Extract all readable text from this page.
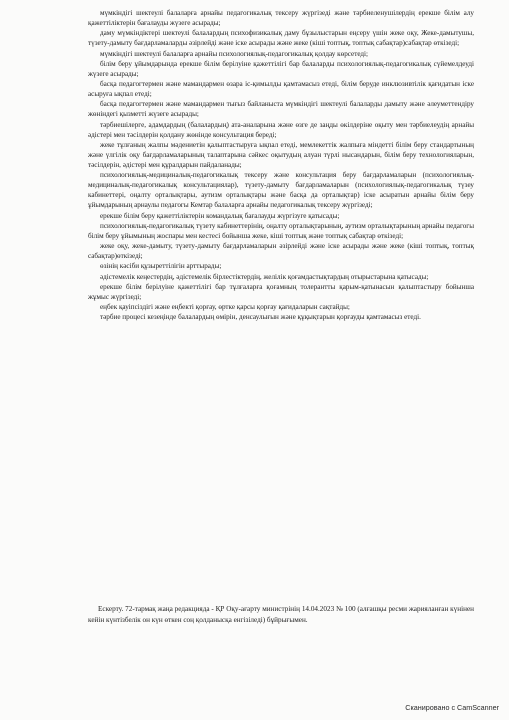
мүмкіндігі шектеулі балаларға арнайы педагогикалық тексеру жүргізеді және тәрбиеленушілердің ерекше білім алу қажеттіліктерін бағалауды жүзеге асырады;

даму мүмкіндіктері шектеулі балалардың психофизикалық даму бұзылыстарын еңсеру үшін жеке оқу, Жеке-дамытушы, түзету-дамыту бағдарламаларды әзірлейді және іске асырады және жеке (кіші топтық, топтық сабақтар)сабақтар өткізеді;

мүмкіндігі шектеулі балаларға арнайы психологиялық-педагогикалық қолдау көрсетеді;

білім беру ұйымдарында ерекше білім берілуіне қажеттілігі бар балаларды психологиялық-педагогикалық сүйемелдеуді жүзеге асырады;

басқа педагогтермен және мамандармен өзара іс-қимылды қамтамасыз етеді, білім беруде инклюзивтілік қағидатын іске асыруға ықпал етеді;

басқа педагогтермен және мамандармен тығыз байланыста мүмкіндігі шектеулі балаларды дамыту және әлеуметтендіру жөніндегі қызметті жүзеге асырады;

тәрбиешілерге, адамдардың (балалардың) ата-аналарына және өзге де заңды өкілдеріне оқыту мен тәрбиелеудің арнайы әдістері мен тәсілдерін қолдану жөнінде консультация береді;

жеке тұлғаның жалпы мәдениетін қалыптастыруға ықпал етеді, мемлекеттік жалпыға міндетті білім беру стандартының және үлгілік оқу бағдарламаларының талаптарына сәйкес оқытудың алуан түрлі нысандарын, білім беру технологияларын, тәсілдерін, әдістері мен құралдарын пайдаланады;

психологиялық-медициналық-педагогикалық тексеру және консультация беру бағдарламаларын (психологиялық-медициналық-педагогикалық консультациялар), түзету-дамыту бағдарламаларын (психологиялық-педагогикалық түзеу кабинеттері, оңалту орталықтары, аутизм орталықтары және басқа да орталықтар) іске асыратын арнайы білім беру ұйымдарының арнаулы педагогы Кемтар балаларға арнайы педагогикалық тексеру жүргізеді;

ерекше білім беру қажеттіліктерін командалық бағалауды жүргізуге қатысады;

психологиялық-педагогикалық түзету кабинеттерінің, оңалту орталықтарының, аутизм орталықтарының арнайы педагогы білім беру ұйымының жоспары мен кестесі бойынша жеке, кіші топтық және топтық сабақтар өткізеді;

жеке оқу, жеке-дамыту, түзету-дамыту бағдарламаларын әзірлейді және іске асырады және жеке (кіші топтық, топтық сабақтар)өткізеді;

өзінің кәсіби құзыреттілігін арттырады;

әдістемелік кеңестердің, әдістемелік бірлестіктердің, желілік қоғамдастықтардың отырыстарына қатысады;

ерекше білім берілуіне қажеттілігі бар тұлғаларға қоғамның толерантты қарым-қатынасын қалыптастыру бойынша жұмыс жүргізеді;

еңбек қауіпсіздігі және еңбекті қорғау, өртке қарсы қорғау қағидаларын сақтайды;

тәрбие процесі кезеңінде балалардың өмірін, денсаулығын және құқықтарын қорғауды қамтамасыз етеді.

Ескерту. 72-тармақ жаңа редакцияда - ҚР Оқу-ағарту министрінің 14.04.2023 № 100 (алғашқы ресми жарияланған күнінен кейін күнтізбелік он күн өткен соң қолданысқа енгізіледі) бұйрығымен.

Сканировано с CamScanner
